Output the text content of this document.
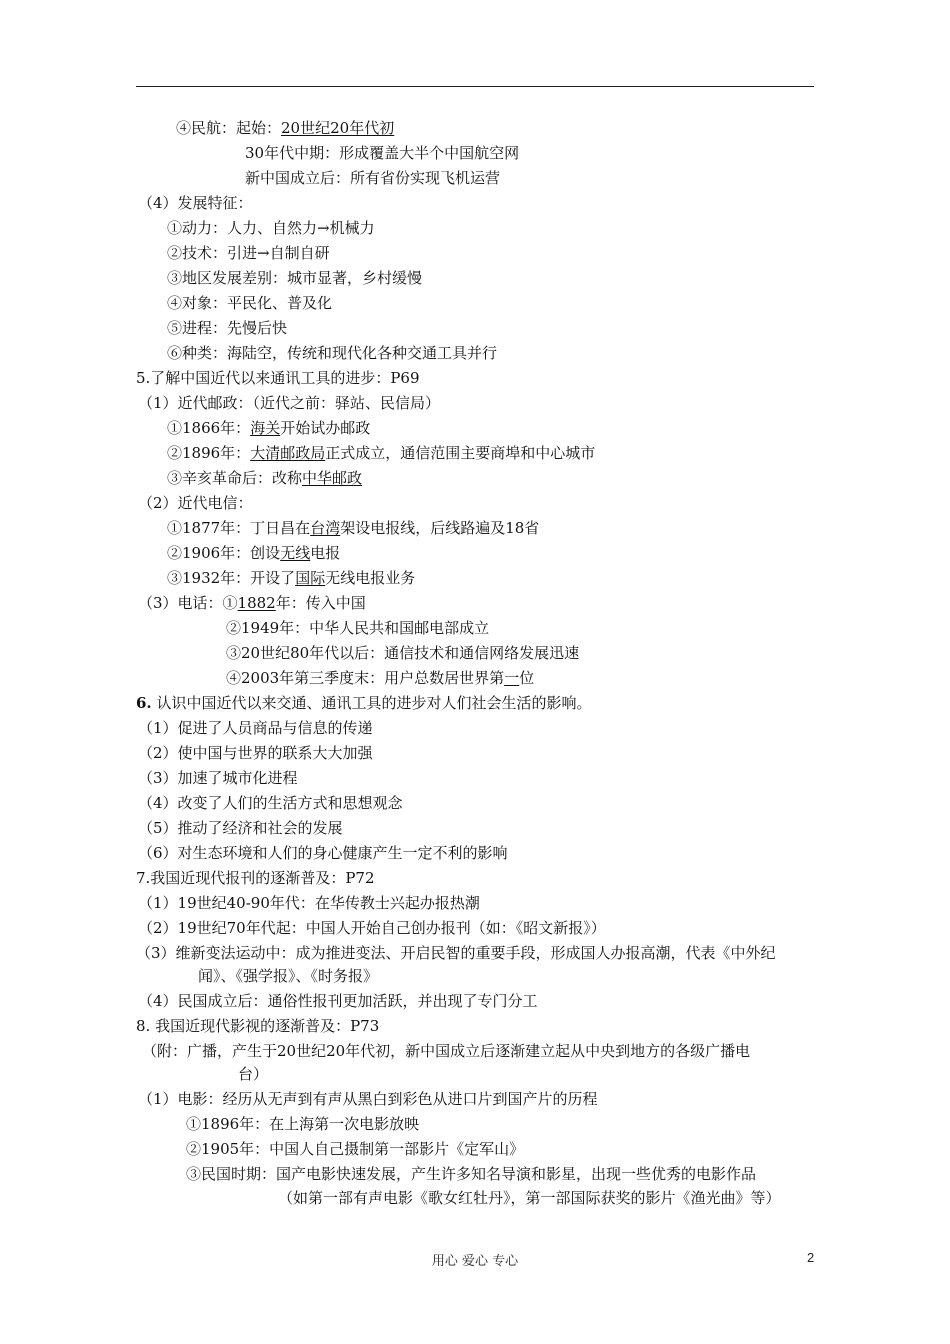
④民航：起始：20世纪20年代初
30年代中期：形成覆盖大半个中国航空网
新中国成立后：所有省份实现飞机运营
（4）发展特征：
①动力：人力、自然力→机械力
②技术：引进→自制自研
③地区发展差别：城市显著，乡村缓慢
④对象：平民化、普及化
⑤进程：先慢后快
⑥种类：海陆空，传统和现代化各种交通工具并行
5.了解中国近代以来通讯工具的进步：P69
（1）近代邮政：（近代之前：驿站、民信局）
①1866年：海关开始试办邮政
②1896年：大清邮政局正式成立，通信范围主要商埠和中心城市
③辛亥革命后：改称中华邮政
（2）近代电信：
①1877年：丁日昌在台湾架设电报线，后线路遍及18省
②1906年：创设无线电报
③1932年：开设了国际无线电报业务
（3）电话：①1882年：传入中国
②1949年：中华人民共和国邮电部成立
③20世纪80年代以后：通信技术和通信网络发展迅速
④2003年第三季度末：用户总数居世界第一位
6. 认识中国近代以来交通、通讯工具的进步对人们社会生活的影响。
（1）促进了人员商品与信息的传递
（2）使中国与世界的联系大大加强
（3）加速了城市化进程
（4）改变了人们的生活方式和思想观念
（5）推动了经济和社会的发展
（6）对生态环境和人们的身心健康产生一定不利的影响
7.我国近现代报刊的逐渐普及：P72
（1）19世纪40-90年代：在华传教士兴起办报热潮
（2）19世纪70年代起：中国人开始自己创办报刊（如：《昭文新报》）
（3）维新变法运动中：成为推进变法、开启民智的重要手段，形成国人办报高潮，代表《中外纪
闻》、《强学报》、《时务报》
（4）民国成立后：通俗性报刊更加活跃，并出现了专门分工
8. 我国近现代影视的逐渐普及：P73
（附：广播，产生于20世纪20年代初，新中国成立后逐渐建立起从中央到地方的各级广播电
台）
（1）电影：经历从无声到有声从黑白到彩色从进口片到国产片的历程
①1896年：在上海第一次电影放映
②1905年：中国人自己摄制第一部影片《定军山》
③民国时期：国产电影快速发展，产生许多知名导演和影星，出现一些优秀的电影作品
（如第一部有声电影《歌女红牡丹》，第一部国际获奖的影片《渔光曲》等）
用心 爱心 专心	2
